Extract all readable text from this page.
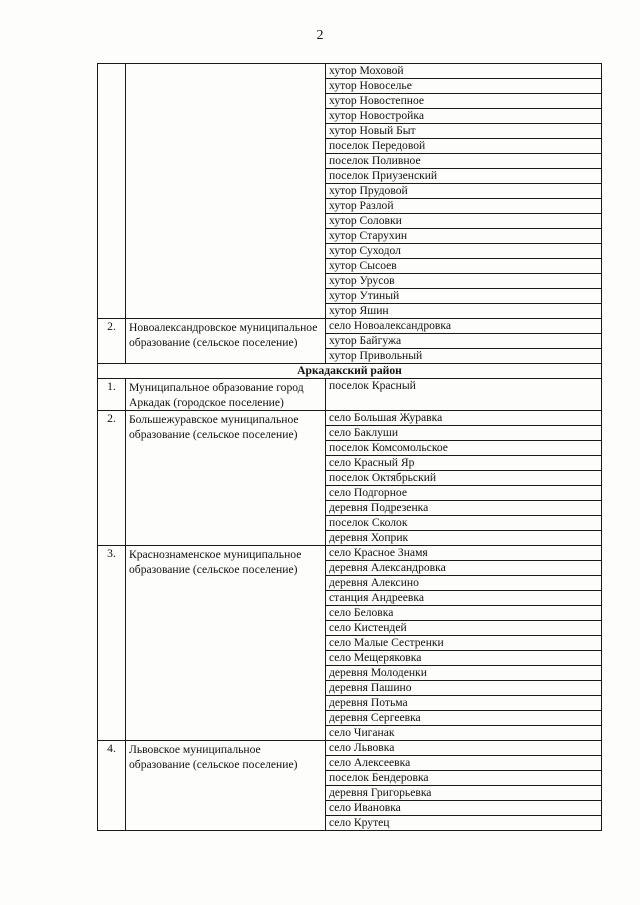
2
		хутор Моховой
		хутор Новоселье
		хутор Новостепное
		хутор Новостройка
		хутор Новый Быт
		поселок Передовой
		поселок Поливное
		поселок Приузенский
		хутор Прудовой
		хутор Разлой
		хутор Соловки
		хутор Старухин
		хутор Суходол
		хутор Сысоев
		хутор Урусов
		хутор Утиный
		хутор Яшин
2.	Новоалександровское муниципальное образование (сельское поселение)	село Новоалександровка
		хутор Байгужа
		хутор Привольный
Аркадакский район		
1.	Муниципальное образование город Аркадак (городское поселение)	поселок Красный
2.	Большежуравское муниципальное образование (сельское поселение)	село Большая Журавка
		село Баклуши
		поселок Комсомольское
		село Красный Яр
		поселок Октябрьский
		село Подгорное
		деревня Подрезенка
		поселок Сколок
		деревня Хоприк
3.	Краснознаменское муниципальное образование (сельское поселение)	село Красное Знамя
		деревня Александровка
		деревня Алексино
		станция Андреевка
		село Беловка
		село Кистендей
		село Малые Сестренки
		село Мещеряковка
		деревня Молоденки
		деревня Пашино
		деревня Потьма
		деревня Сергеевка
		село Чиганак
4.	Львовское муниципальное образование (сельское поселение)	село Львовка
		село Алексеевка
		поселок Бендеровка
		деревня Григорьевка
		село Ивановка
		село Крутец
